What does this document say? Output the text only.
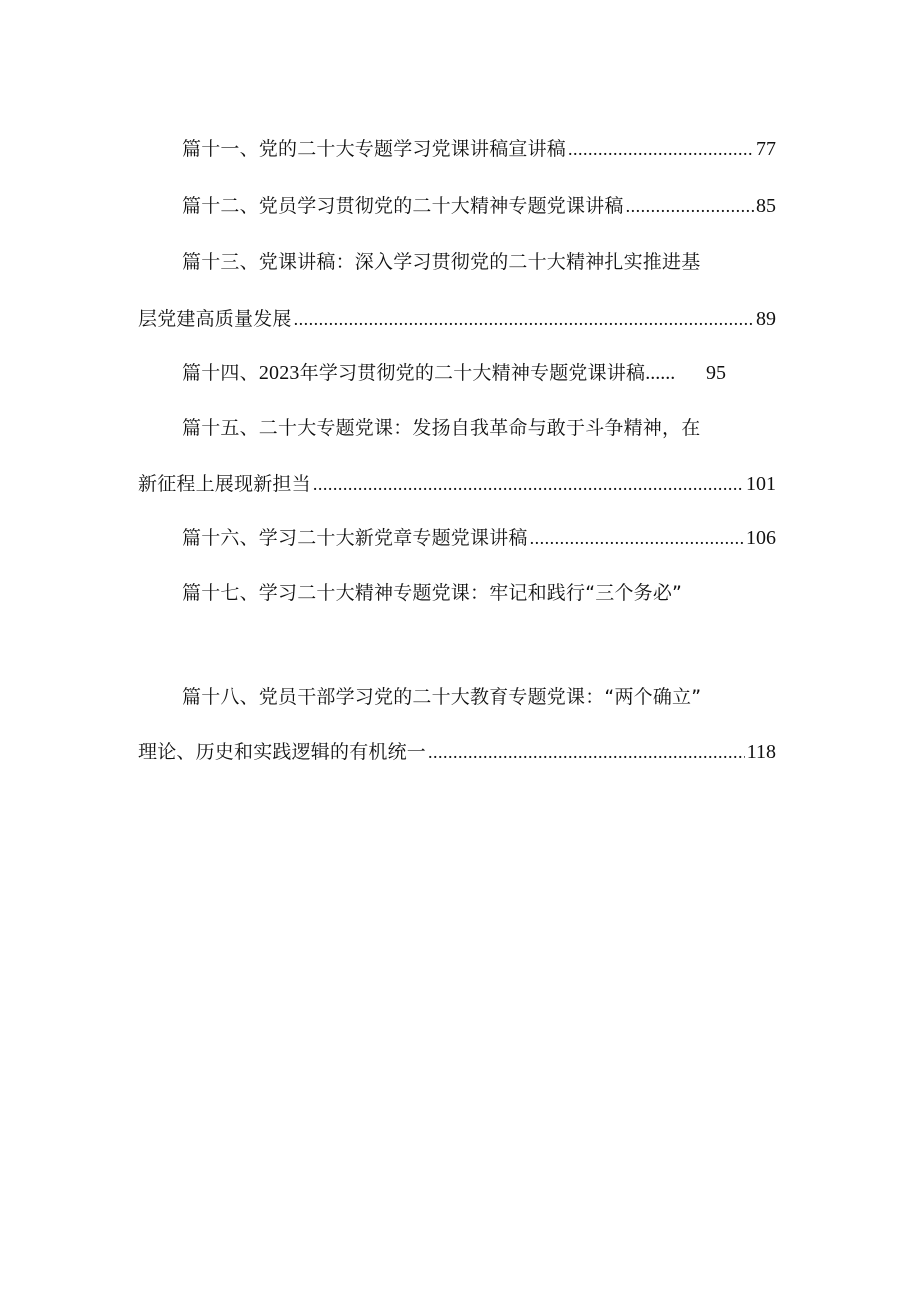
篇十一、党的二十大专题学习党课讲稿宣讲稿 .....	77
篇十二、党员学习贯彻党的二十大精神专题党课讲稿 .....	85
篇十三、党课讲稿：深入学习贯彻党的二十大精神扎实推进基
层党建高质量发展 .....	89
篇十四、2023年学习贯彻党的二十大精神专题党课讲稿 ......	95
篇十五、二十大专题党课：发扬自我革命与敢于斗争精神，在
新征程上展现新担当 .....	101
篇十六、学习二十大新党章专题党课讲稿 .....	106
篇十七、学习二十大精神专题党课：牢记和践行“三个务必”
篇十八、党员干部学习党的二十大教育专题党课：“两个确立”
理论、历史和实践逻辑的有机统一 .....	118
